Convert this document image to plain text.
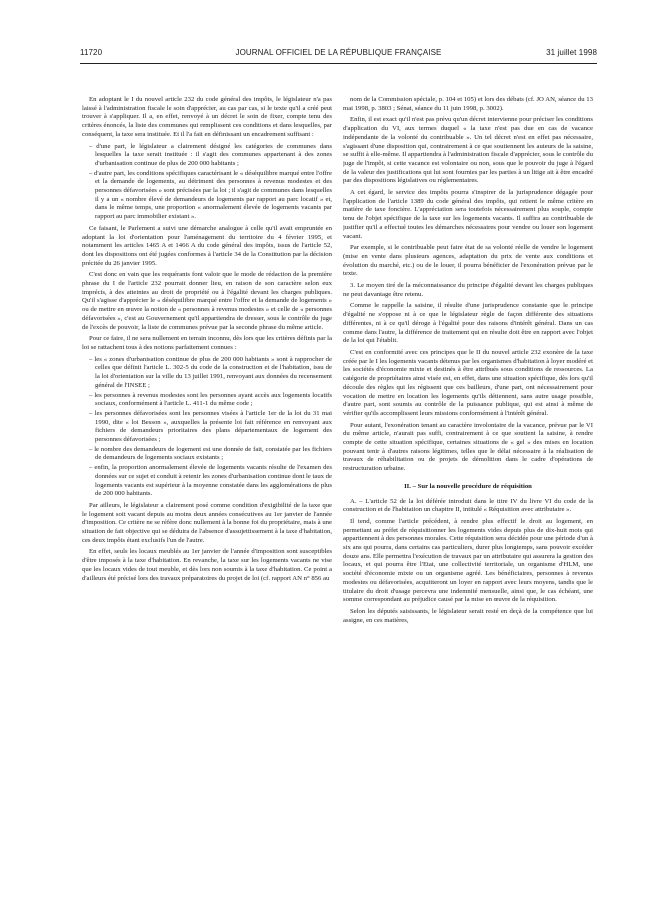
11720	JOURNAL OFFICIEL DE LA RÉPUBLIQUE FRANÇAISE	31 juillet 1998

En adoptant le I du nouvel article 232 du code général des impôts, le législateur n'a pas laissé à l'administration fiscale le soin d'apprécier, au cas par cas, si le texte qu'il a créé peut trouver à s'appliquer. Il a, en effet, renvoyé à un décret le soin de fixer, compte tenu des critères énoncés, la liste des communes qui remplissent ces conditions et dans lesquelles, par conséquent, la taxe sera instituée. Et il l'a fait en définissant un encadrement suffisant :

– d'une part, le législateur a clairement désigné les catégories de communes dans lesquelles la taxe serait instituée : il s'agit des communes appartenant à des zones d'urbanisation continue de plus de 200 000 habitants ;
– d'autre part, les conditions spécifiques caractérisant le « déséquilibre marqué entre l'offre et la demande de logements, au détriment des personnes à revenus modestes et des personnes défavorisées » sont précisées par la loi ; il s'agit de communes dans lesquelles il y a un « nombre élevé de demandeurs de logements par rapport au parc locatif » et, dans le même temps, une proportion « anormalement élevée de logements vacants par rapport au parc immobilier existant ».

Ce faisant, le Parlement a suivi une démarche analogue à celle qu'il avait empruntée en adoptant la loi d'orientation pour l'aménagement du territoire du 4 février 1995, et notamment les articles 1465 A et 1466 A du code général des impôts, issus de l'article 52, dont les dispositions ont été jugées conformes à l'article 34 de la Constitution par la décision précitée du 26 janvier 1995.

C'est donc en vain que les requérants font valoir que le mode de rédaction de la première phrase du I de l'article 232 pourrait donner lieu, en raison de son caractère selon eux imprécis, à des atteintes au droit de propriété ou à l'égalité devant les charges publiques. Qu'il s'agisse d'apprécier le « déséquilibre marqué entre l'offre et la demande de logements » ou de mettre en œuvre la notion de « personnes à revenus modestes » et celle de « personnes défavorisées », c'est au Gouvernement qu'il appartiendra de dresser, sous le contrôle du juge de l'excès de pouvoir, la liste de communes prévue par la seconde phrase du même article.

Pour ce faire, il ne sera nullement en terrain inconnu, dès lors que les critères définis par la loi se rattachent tous à des notions parfaitement connues :

– les « zones d'urbanisation continue de plus de 200 000 habitants » sont à rapprocher de celles que définit l'article L. 302-5 du code de la construction et de l'habitation, issu de la loi d'orientation sur la ville du 13 juillet 1991, renvoyant aux données du recensement général de l'INSEE ;
– les personnes à revenus modestes sont les personnes ayant accès aux logements locatifs sociaux, conformément à l'article L. 411-1 du même code ;
– les personnes défavorisées sont les personnes visées à l'article 1er de la loi du 31 mai 1990, dite « loi Besson », auxquelles la présente loi fait référence en renvoyant aux fichiers de demandeurs prioritaires des plans départementaux de logement des personnes défavorisées ;
– le nombre des demandeurs de logement est une donnée de fait, constatée par les fichiers de demandeurs de logements sociaux existants ;
– enfin, la proportion anormalement élevée de logements vacants résulte de l'examen des données sur ce sujet et conduit à retenir les zones d'urbanisation continue dont le taux de logements vacants est supérieur à la moyenne constatée dans les agglomérations de plus de 200 000 habitants.

Par ailleurs, le législateur a clairement posé comme condition d'exigibilité de la taxe que le logement soit vacant depuis au moins deux années consécutives au 1er janvier de l'année d'imposition. Ce critère ne se réfère donc nullement à la bonne foi du propriétaire, mais à une situation de fait objective qui se déduira de l'absence d'assujettissement à la taxe d'habitation, ces deux impôts étant exclusifs l'un de l'autre.

En effet, seuls les locaux meublés au 1er janvier de l'année d'imposition sont susceptibles d'être imposés à la taxe d'habitation. En revanche, la taxe sur les logements vacants ne vise que les locaux vides de tout meuble, et dès lors non soumis à la taxe d'habitation. Ce point a d'ailleurs été précisé lors des travaux préparatoires du projet de loi (cf. rapport AN n° 856 au

nom de la Commission spéciale, p. 104 et 105) et lors des débats (cf. JO AN, séance du 13 mai 1998, p. 3803 ; Sénat, séance du 11 juin 1998, p. 3002).

Enfin, il est exact qu'il n'est pas prévu qu'un décret intervienne pour préciser les conditions d'application du VI, aux termes duquel « la taxe n'est pas due en cas de vacance indépendante de la volonté du contribuable ». Un tel décret n'est en effet pas nécessaire, s'agissant d'une disposition qui, contrairement à ce que soutiennent les auteurs de la saisine, se suffit à elle-même. Il appartiendra à l'administration fiscale d'apprécier, sous le contrôle du juge de l'impôt, si cette vacance est volontaire ou non, sous que le pouvoir du juge à l'égard de la valeur des justifications qui lui sont fournies par les parties à un litige ait à être encadré par des dispositions législatives ou réglementaires.

A cet égard, le service des impôts pourra s'inspirer de la jurisprudence dégagée pour l'application de l'article 1389 du code général des impôts, qui retient le même critère en matière de taxe foncière. L'appréciation sera toutefois nécessairement plus souple, compte tenu de l'objet spécifique de la taxe sur les logements vacants. Il suffira au contribuable de justifier qu'il a effectué toutes les démarches nécessaires pour vendre ou louer son logement vacant.

Par exemple, si le contribuable peut faire état de sa volonté réelle de vendre le logement (mise en vente dans plusieurs agences, adaptation du prix de vente aux conditions et évolution du marché, etc.) ou de le louer, il pourra bénéficier de l'exonération prévue par le texte.

3. Le moyen tiré de la méconnaissance du principe d'égalité devant les charges publiques ne peut davantage être retenu.

Comme le rappelle la saisine, il résulte d'une jurisprudence constante que le principe d'égalité ne s'oppose ni à ce que le législateur règle de façon différente des situations différentes, ni à ce qu'il déroge à l'égalité pour des raisons d'intérêt général. Dans un cas comme dans l'autre, la différence de traitement qui en résulte doit être en rapport avec l'objet de la loi qui l'établit.

C'est en conformité avec ces principes que le II du nouvel article 232 exonère de la taxe créée par le I les logements vacants détenus par les organismes d'habitation à loyer modéré et les sociétés d'économie mixte et destinés à être attribués sous conditions de ressources. La catégorie de propriétaires ainsi visée est, en effet, dans une situation spécifique, dès lors qu'il découle des règles qui les régissent que ces bailleurs, d'une part, ont nécessairement pour vocation de mettre en location les logements qu'ils détiennent, sans autre usage possible, d'autre part, sont soumis au contrôle de la puissance publique, qui est ainsi à même de vérifier qu'ils accomplissent leurs missions conformément à l'intérêt général.

Pour autant, l'exonération tenant au caractère involontaire de la vacance, prévue par le VI du même article, n'aurait pas suffi, contrairement à ce que soutient la saisine, à rendre compte de cette situation spécifique, certaines situations de « gel » des mises en location pouvant tenir à d'autres raisons légitimes, telles que le délai nécessaire à la réalisation de travaux de réhabilitation ou de projets de démolition dans le cadre d'opérations de restructuration urbaine.

II. – Sur la nouvelle procédure de réquisition

A. – L'article 52 de la loi déférée introduit dans le titre IV du livre VI du code de la construction et de l'habitation un chapitre II, intitulé « Réquisition avec attributaire ».

Il tend, comme l'article précédent, à rendre plus effectif le droit au logement, en permettant au préfet de réquisitionner les logements vides depuis plus de dix-huit mois qui appartiennent à des personnes morales. Cette réquisition sera décidée pour une période d'un à six ans qui pourra, dans certains cas particuliers, durer plus longtemps, sans pouvoir excéder douze ans. Elle permettra l'exécution de travaux par un attributaire qui assurera la gestion des locaux, et qui pourra être l'Etat, une collectivité territoriale, un organisme d'HLM, une société d'économie mixte ou un organisme agréé. Les bénéficiaires, personnes à revenus modestes ou défavorisées, acquitteront un loyer en rapport avec leurs moyens, tandis que le titulaire du droit d'usage percevra une indemnité mensuelle, ainsi que, le cas échéant, une somme correspondant au préjudice causé par la mise en œuvre de la réquisition.

Selon les députés saisissants, le législateur serait resté en deçà de la compétence que lui assigne, en ces matières,
